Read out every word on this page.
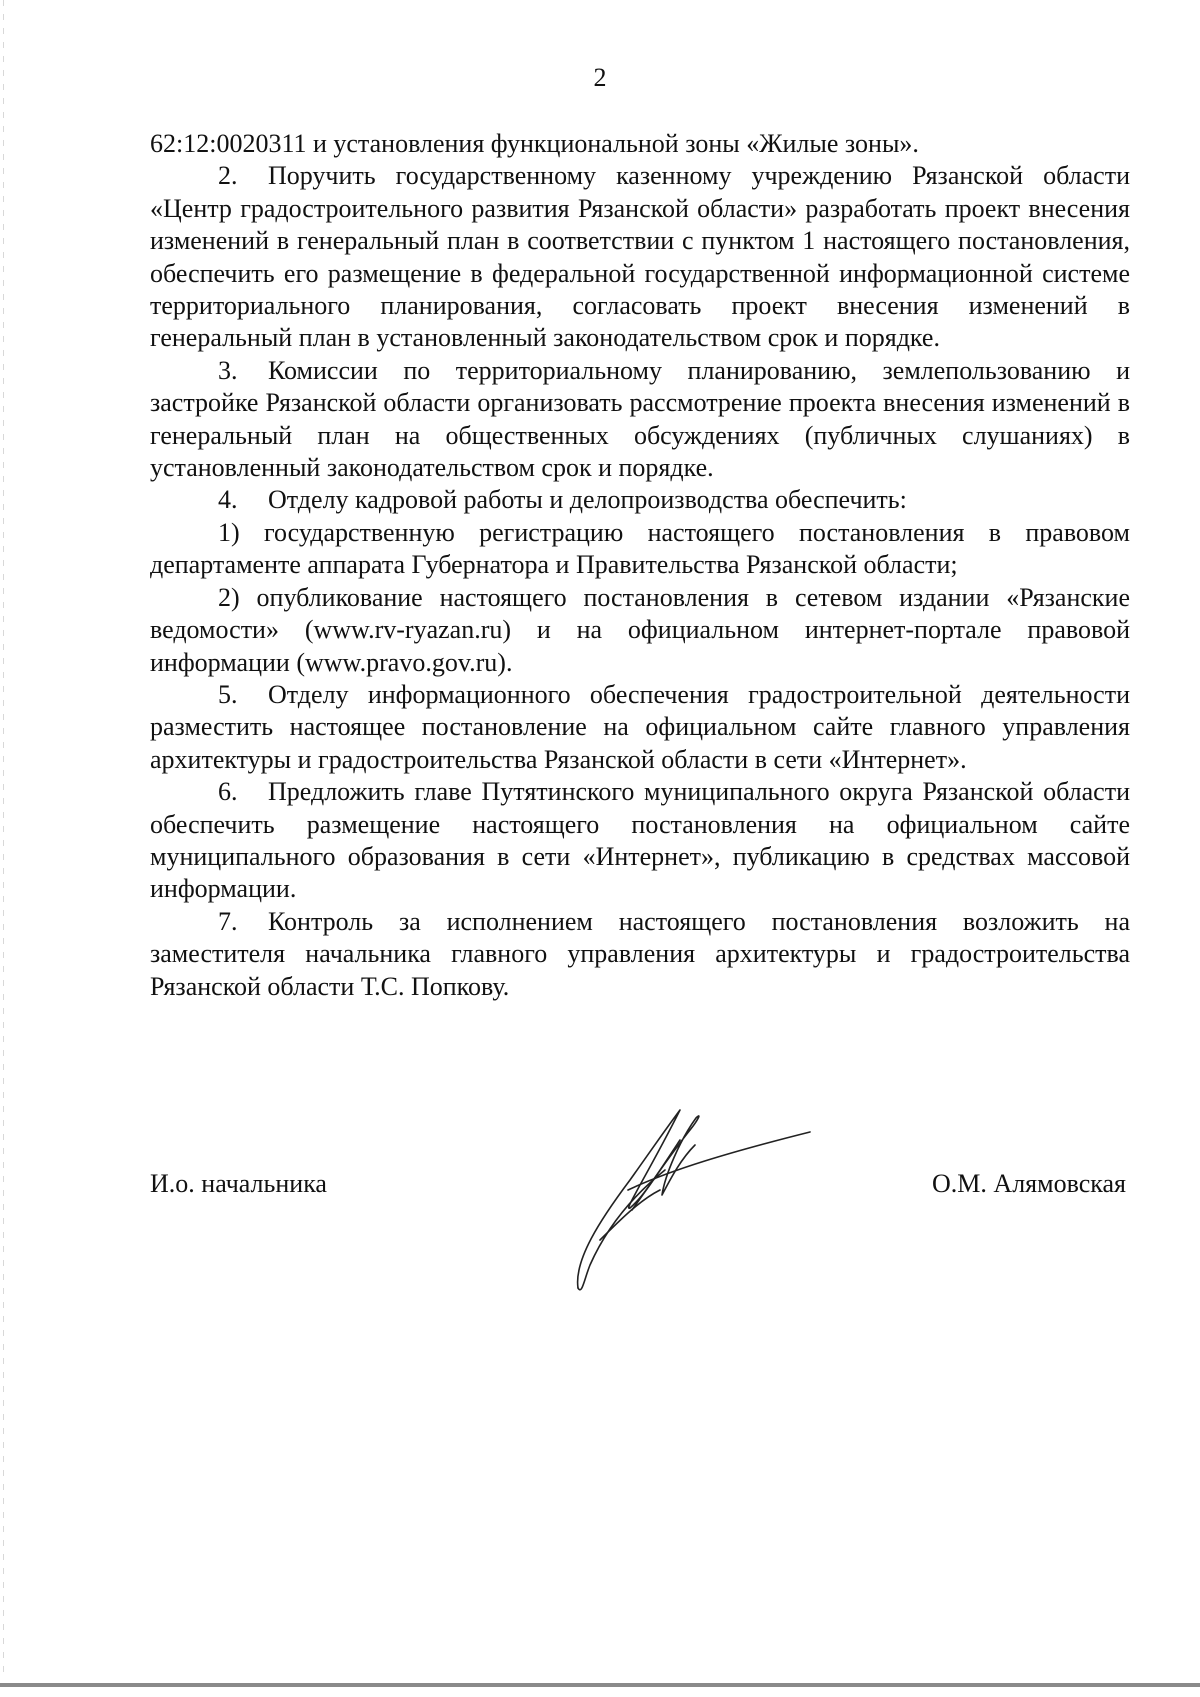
2

62:12:0020311 и установления функциональной зоны «Жилые зоны».

2. Поручить государственному казенному учреждению Рязанской области «Центр градостроительного развития Рязанской области» разработать проект внесения изменений в генеральный план в соответствии с пунктом 1 настоящего постановления, обеспечить его размещение в федеральной государственной информационной системе территориального планирования, согласовать проект внесения изменений в генеральный план в установленный законодательством срок и порядке.

3. Комиссии по территориальному планированию, землепользованию и застройке Рязанской области организовать рассмотрение проекта внесения изменений в генеральный план на общественных обсуждениях (публичных слушаниях) в установленный законодательством срок и порядке.

4. Отделу кадровой работы и делопроизводства обеспечить:

1) государственную регистрацию настоящего постановления в правовом департаменте аппарата Губернатора и Правительства Рязанской области;

2) опубликование настоящего постановления в сетевом издании «Рязанские ведомости» (www.rv-ryazan.ru) и на официальном интернет-портале правовой информации (www.pravo.gov.ru).

5. Отделу информационного обеспечения градостроительной деятельности разместить настоящее постановление на официальном сайте главного управления архитектуры и градостроительства Рязанской области в сети «Интернет».

6. Предложить главе Путятинского муниципального округа Рязанской области обеспечить размещение настоящего постановления на официальном сайте муниципального образования в сети «Интернет», публикацию в средствах массовой информации.

7. Контроль за исполнением настоящего постановления возложить на заместителя начальника главного управления архитектуры и градостроительства Рязанской области Т.С. Попкову.

И.о. начальника	О.М. Алямовская
